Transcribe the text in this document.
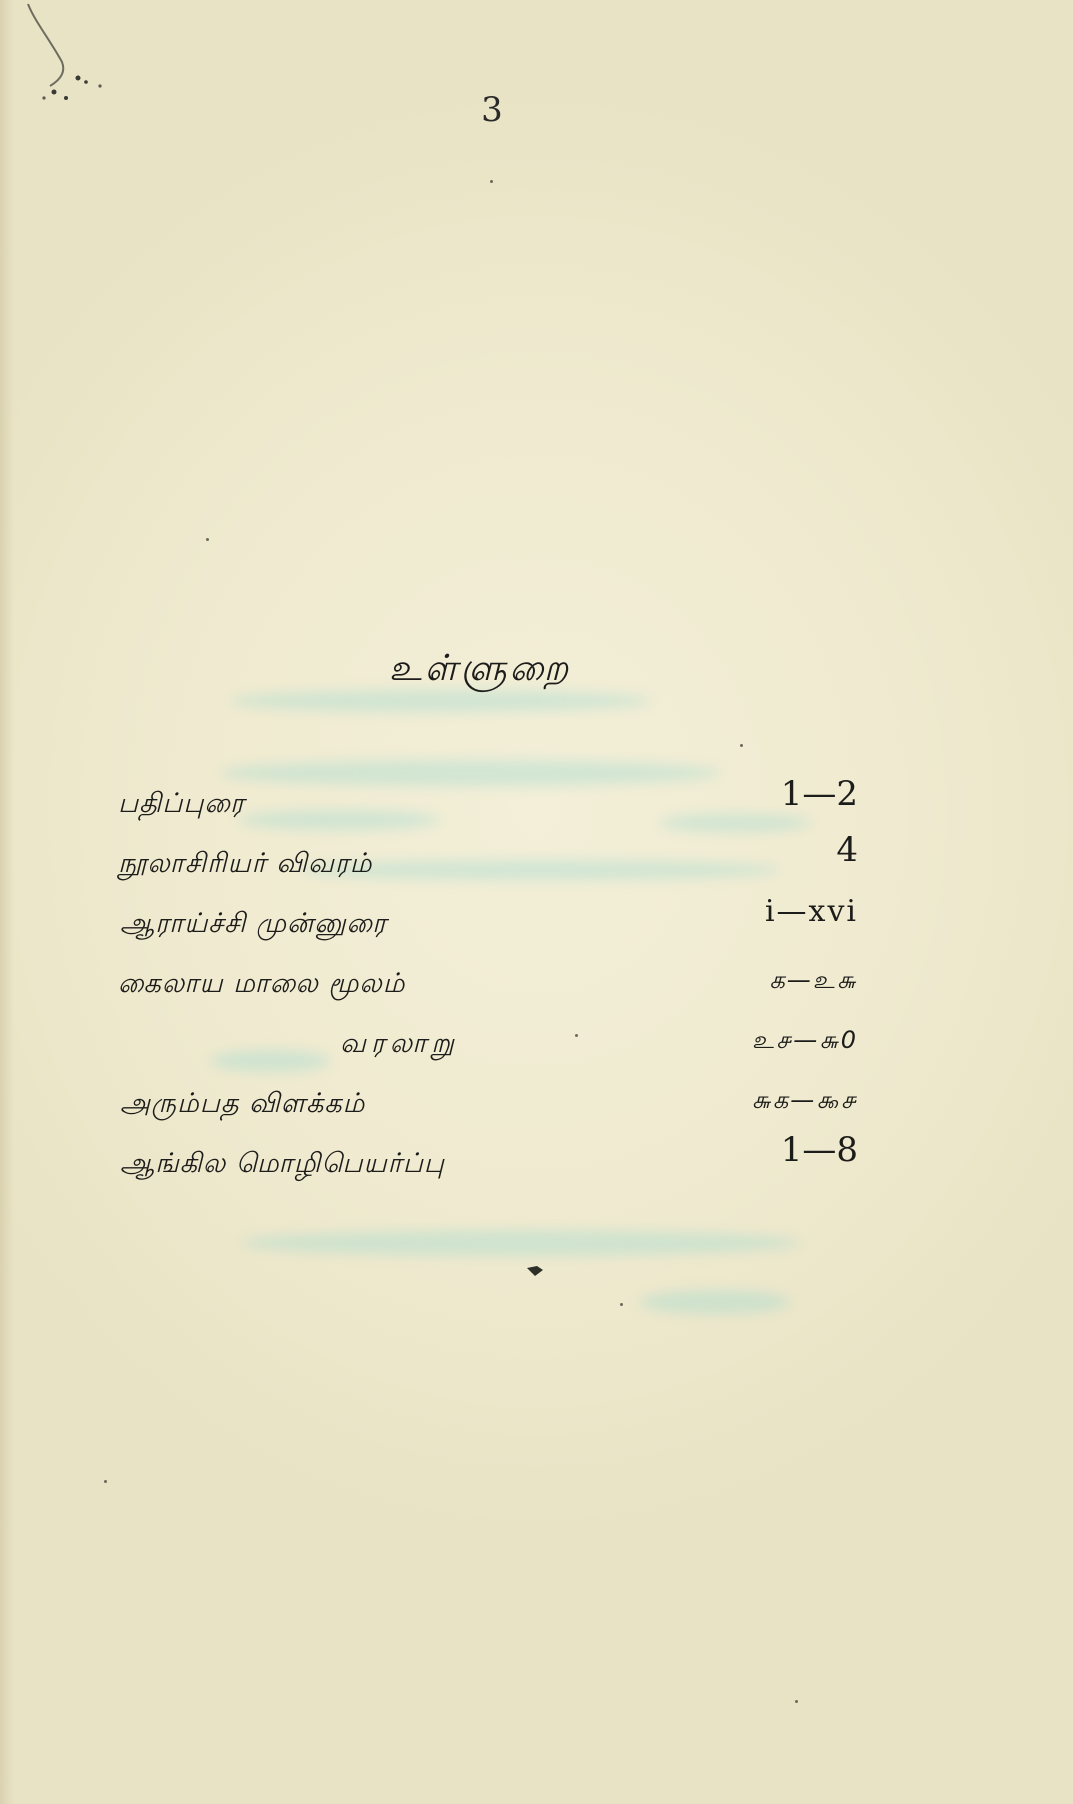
3
உள்ளுறை
பதிப்புரை	1—2
நூலாசிரியர் விவரம்	4
ஆராய்ச்சி முன்னுரை	i—xvi
கைலாய மாலை மூலம்	க—உ௬
வரலாறு	உ௪—௬0
அரும்பத விளக்கம்	௬க—௯௪
ஆங்கில மொழிபெயர்ப்பு	1—8
